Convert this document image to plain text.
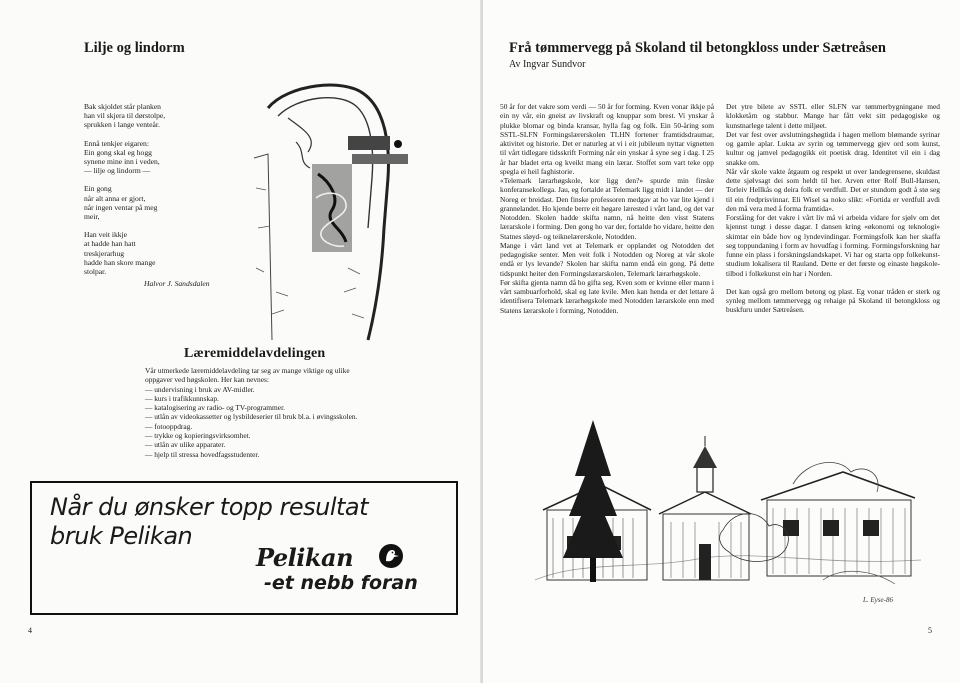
Lilje og lindorm

Bak skjoldet står planken
han vil skjera til dørstolpe,
sprukken i lange venteår.

Ennå tenkjer eigaren:
Ein gong skal eg hogg
synene mine inn i veden,
— lilje og lindorm —

Ein gong
når alt anna er gjort,
når ingen ventar på meg
meir,

Han veit ikkje
at hadde han hatt
treskjerarhug
hadde han skore mange
stolpar.

Halvor J. Sandsdalen

Læremiddelavdelingen
Vår utmerkede læremiddelavdeling tar seg av mange viktige og ulike oppgaver ved høgskolen. Her kan nevnes:
— undervisning i bruk av AV-midler.
— kurs i trafikkunnskap.
— katalogisering av radio- og TV-programmer.
— utlån av videokassetter og lysbildeserier til bruk bl.a. i øvingsskolen.
— fotooppdrag.
— trykke og kopieringsvirksomhet.
— utlån av ulike apparater.
— hjelp til stressa hovedfagsstudenter.
Når du ønsker topp resultat
bruk Pelikan
Pelikan
-et nebb foran
4
Frå tømmervegg på Skoland til betongkloss under Sætreåsen
Av Ingvar Sundvor

50 år for det vakre som verdi — 50 år for forming. Kven vonar ikkje på ein ny vår, ein gneist av livskraft og knuppar som brest. Vi ynskar å plukke blomar og binda kransar, hylla fag og folk. Ein 50-åring som SSTL-SLFN Formingslærerskolen TLHN fortener framtidsdraumar, aktivitet og historie. Det er naturleg at vi i eit jubileum nyttar vignetten til vårt tidlegare tidsskrift Forming når ein ynskar å syne seg i dag. I 25 år har bladet erta og kveikt mang ein lærar. Stoffet som vart teke opp spegla ei heil faghistorie.

«Telemark lærarhøgskole, kor ligg den?» spurde min finske konferansekollega. Jau, eg fortalde at Telemark ligg midt i landet — der Noreg er breidast. Den finske professoren medgav at ho var lite kjend i grannelandet. Ho kjende berre eit høgare lærested i vårt land, og det var Notodden. Skolen hadde skifta namn, nå heitte den visst Statens lærarskole i forming. Den gong ho var der, fortalde ho vidare, heitte den Statnes sløyd- og teiknelærerskole, Notodden.

Mange i vårt land vet at Telemark er opplandet og Notodden det pedagogiske senter. Men veit folk i Notodden og Noreg at vår skole endå er lys levande? Skolen har skifta namn endå ein gong. På dette tidspunkt heiter den Formingslærarskolen, Telemark lærarhøgskole.

Før skifta gjenta namn då ho gifta seg. Kven som er kvinne eller mann i vårt sambuarforhold, skal eg late kvile. Men kan henda er det lettare å identifisera Telemark lærarhøgskole med Notodden lærarskole enn med Statens lærarskole i forming, Notodden.

Det ytre bilete av SSTL eller SLFN var tømmerbygningane med klokketårn og stabbur. Mange har fått vekt sitt pedagogiske og kunstnarlege talent i dette miljøet.

Det var fest over avslutningshøgtida i hagen mellom blømande syrinar og gamle aplar. Lukta av syrin og tømmervegg gjev ord som kunst, kultur og jamvel pedagogikk eit poetisk drag. Identitet vil ein i dag snakke om.

Når vår skole vakte åtgaum og respekt ut over landegrensene, skuldast dette sjølvsagt dei som heldt til her. Arven etter Rolf Bull-Hansen, Torleiv Hellkås og deira folk er verdfull. Det er stundom godt å stø seg til ein fredprisvinnar. Eli Wisel sa noko slikt: «Fortida er verdfull avdi den må vera med å forma framtida».

Forståing for det vakre i vårt liv må vi arbeida vidare for sjølv om det kjennst tungt i desse dagar. I dansen kring «økonomi og teknologi» skimtar ein både hov og lyndevindingar. Formingsfolk kan her skaffa seg toppundaning i form av hovudfag i forming. Formingsforskning har funne ein plass i forskningslandskapet. Vi har og starta opp folkekunst-studium lokalisera til Rauland. Dette er det første og einaste høgskole-tilbod i folkekunst ein har i Norden.

Det kan også gro mellom betong og plast. Eg vonar tråden er sterk og synleg mellom tømmervegg og rehaige på Skoland til betongkloss og buskfuru under Sætreåsen.

L. Eyse-86
5
